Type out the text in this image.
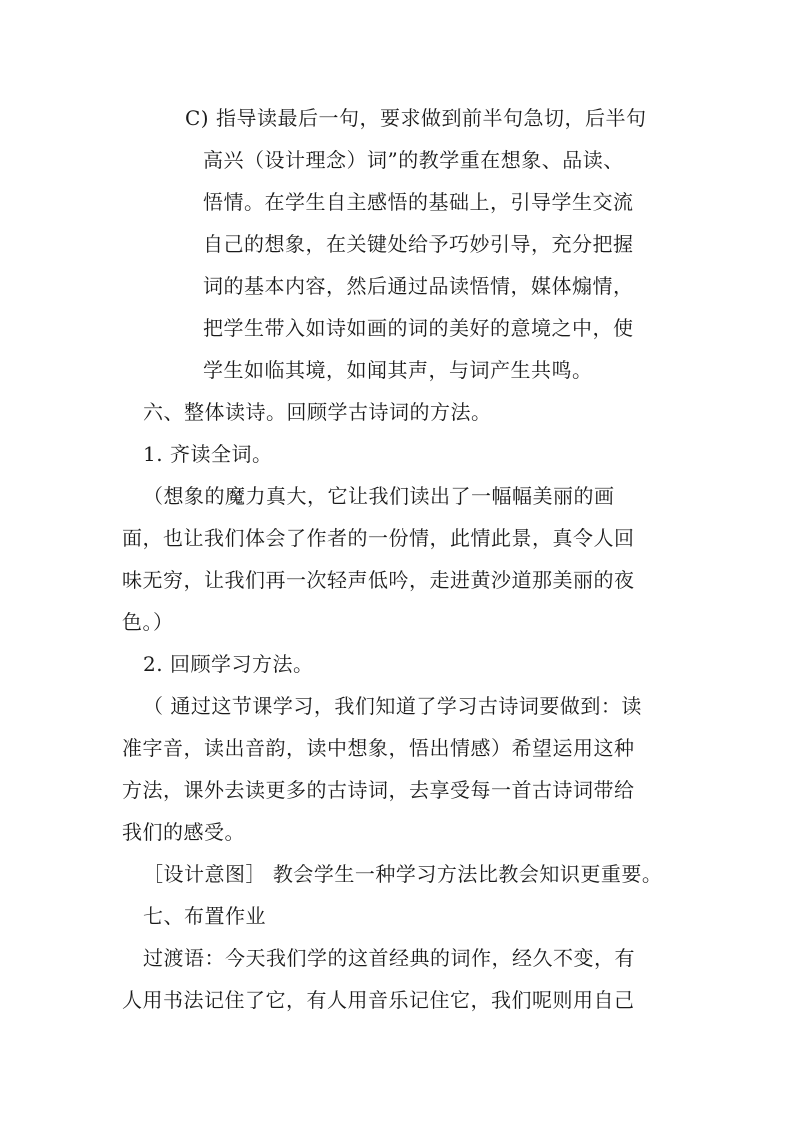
C) 指导读最后一句，要求做到前半句急切，后半句
高兴（设计理念）词”的教学重在想象、品读、
悟情。在学生自主感悟的基础上，引导学生交流
自己的想象，在关键处给予巧妙引导，充分把握
词的基本内容，然后通过品读悟情，媒体煽情，
把学生带入如诗如画的词的美好的意境之中，使
学生如临其境，如闻其声，与词产生共鸣。
六、整体读诗。回顾学古诗词的方法。
1. 齐读全词。
（想象的魔力真大，它让我们读出了一幅幅美丽的画
面，也让我们体会了作者的一份情，此情此景，真令人回
味无穷，让我们再一次轻声低吟，走进黄沙道那美丽的夜
色。）
2. 回顾学习方法。
（ 通过这节课学习，我们知道了学习古诗词要做到：读
准字音，读出音韵，读中想象，悟出情感）希望运用这种
方法，课外去读更多的古诗词，去享受每一首古诗词带给
我们的感受。
［设计意图］ 教会学生一种学习方法比教会知识更重要。
七、布置作业
过渡语：今天我们学的这首经典的词作，经久不变，有
人用书法记住了它，有人用音乐记住它，我们呢则用自己
